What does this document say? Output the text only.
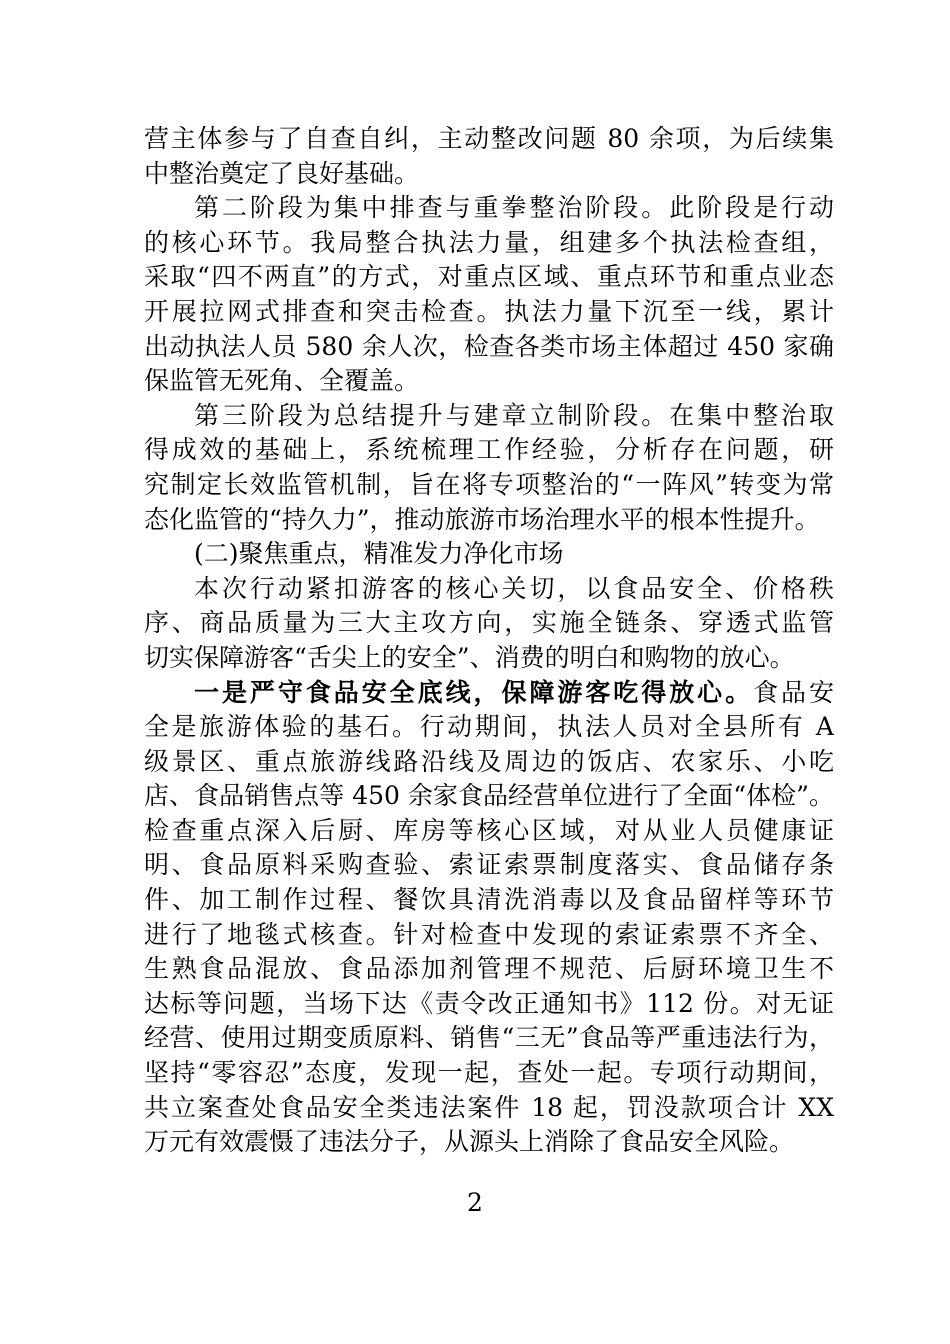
营主体参与了自查自纠，主动整改问题 80 余项，为后续集
中整治奠定了良好基础。
第二阶段为集中排查与重拳整治阶段。此阶段是行动
的核心环节。我局整合执法力量，组建多个执法检查组，
采取“四不两直”的方式，对重点区域、重点环节和重点业态
开展拉网式排查和突击检查。执法力量下沉至一线，累计
出动执法人员 580 余人次，检查各类市场主体超过 450 家确
保监管无死角、全覆盖。
第三阶段为总结提升与建章立制阶段。在集中整治取
得成效的基础上，系统梳理工作经验，分析存在问题，研
究制定长效监管机制，旨在将专项整治的“一阵风”转变为常
态化监管的“持久力”，推动旅游市场治理水平的根本性提升。
(二)聚焦重点，精准发力净化市场
本次行动紧扣游客的核心关切，以食品安全、价格秩
序、商品质量为三大主攻方向，实施全链条、穿透式监管
切实保障游客“舌尖上的安全”、消费的明白和购物的放心。
一是严守食品安全底线，保障游客吃得放心。食品安
全是旅游体验的基石。行动期间，执法人员对全县所有 A
级景区、重点旅游线路沿线及周边的饭店、农家乐、小吃
店、食品销售点等 450 余家食品经营单位进行了全面“体检”。
检查重点深入后厨、库房等核心区域，对从业人员健康证
明、食品原料采购查验、索证索票制度落实、食品储存条
件、加工制作过程、餐饮具清洗消毒以及食品留样等环节
进行了地毯式核查。针对检查中发现的索证索票不齐全、
生熟食品混放、食品添加剂管理不规范、后厨环境卫生不
达标等问题，当场下达《责令改正通知书》112 份。对无证
经营、使用过期变质原料、销售“三无”食品等严重违法行为，
坚持“零容忍”态度，发现一起，查处一起。专项行动期间，
共立案查处食品安全类违法案件 18 起，罚没款项合计 XX
万元有效震慑了违法分子，从源头上消除了食品安全风险。
2
